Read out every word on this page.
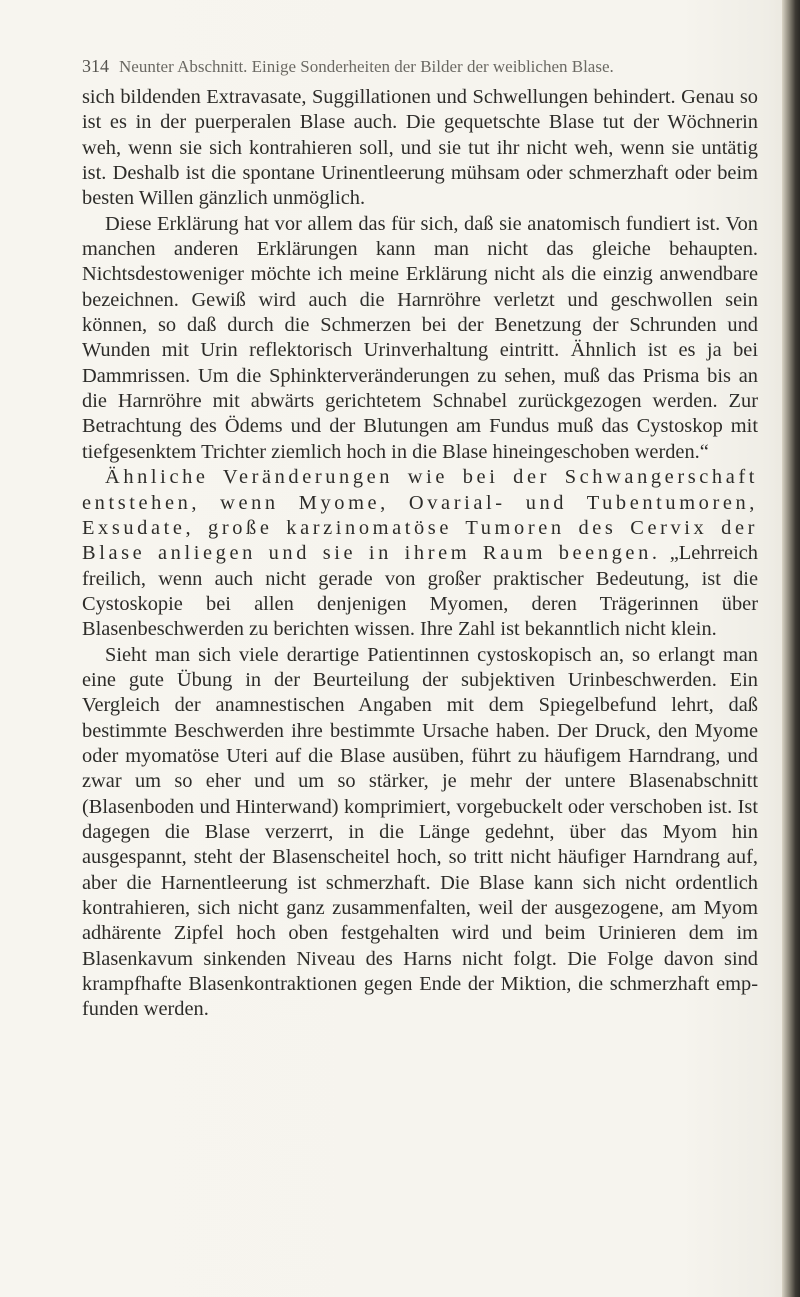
314 Neunter Abschnitt. Einige Sonderheiten der Bilder der weiblichen Blase.

sich bildenden Extravasate, Suggillationen und Schwellungen behindert. Genau so ist es in der puerperalen Blase auch. Die gequetschte Blase tut der Wöchnerin weh, wenn sie sich kontrahieren soll, und sie tut ihr nicht weh, wenn sie untätig ist. Deshalb ist die spontane Urinentleerung mühsam oder schmerzhaft oder beim besten Willen gänzlich unmöglich.

Diese Erklärung hat vor allem das für sich, daß sie anatomisch fundiert ist. Von manchen anderen Erklärungen kann man nicht das gleiche behaupten. Nichtsdestoweniger möchte ich meine Erklärung nicht als die einzig anwendbare bezeichnen. Gewiß wird auch die Harnröhre verletzt und geschwollen sein können, so daß durch die Schmerzen bei der Benetzung der Schrunden und Wunden mit Urin reflektorisch Urinverhaltung eintritt. Ähnlich ist es ja bei Dammrissen. Um die Sphinkterveränderungen zu sehen, muß das Prisma bis an die Harnröhre mit abwärts gerichtetem Schnabel zurückgezogen werden. Zur Betrachtung des Ödems und der Blutungen am Fundus muß das Cystoskop mit tiefgesenktem Trichter ziemlich hoch in die Blase hineingeschoben werden.“

Ähnliche Veränderungen wie bei der Schwangerschaft entstehen, wenn Myome, Ovarial- und Tubentumoren, Exsudate, große karzinomatöse Tumoren des Cervix der Blase anliegen und sie in ihrem Raum beengen. „Lehrreich freilich, wenn auch nicht gerade von großer praktischer Bedeutung, ist die Cystoskopie bei allen denjenigen Myomen, deren Trägerinnen über Blasenbeschwerden zu berichten wissen. Ihre Zahl ist bekanntlich nicht klein.

Sieht man sich viele derartige Patientinnen cystoskopisch an, so erlangt man eine gute Übung in der Beurteilung der subjektiven Urinbeschwerden. Ein Vergleich der anamnestischen Angaben mit dem Spiegelbefund lehrt, daß bestimmte Beschwerden ihre bestimmte Ursache haben. Der Druck, den Myome oder myomatöse Uteri auf die Blase ausüben, führt zu häufigem Harndrang, und zwar um so eher und um so stärker, je mehr der untere Blasenabschnitt (Blasenboden und Hinterwand) komprimiert, vorgebuckelt oder verschoben ist. Ist dagegen die Blase verzerrt, in die Länge gedehnt, über das Myom hin ausgespannt, steht der Blasenscheitel hoch, so tritt nicht häufiger Harndrang auf, aber die Harnentleerung ist schmerzhaft. Die Blase kann sich nicht ordentlich kontrahieren, sich nicht ganz zusammenfalten, weil der ausgezogene, am Myom adhärente Zipfel hoch oben festgehalten wird und beim Urinieren dem im Blasenkavum sinkenden Niveau des Harns nicht folgt. Die Folge davon sind krampfhafte Blasenkontraktionen gegen Ende der Miktion, die schmerzhaft empfunden werden.
